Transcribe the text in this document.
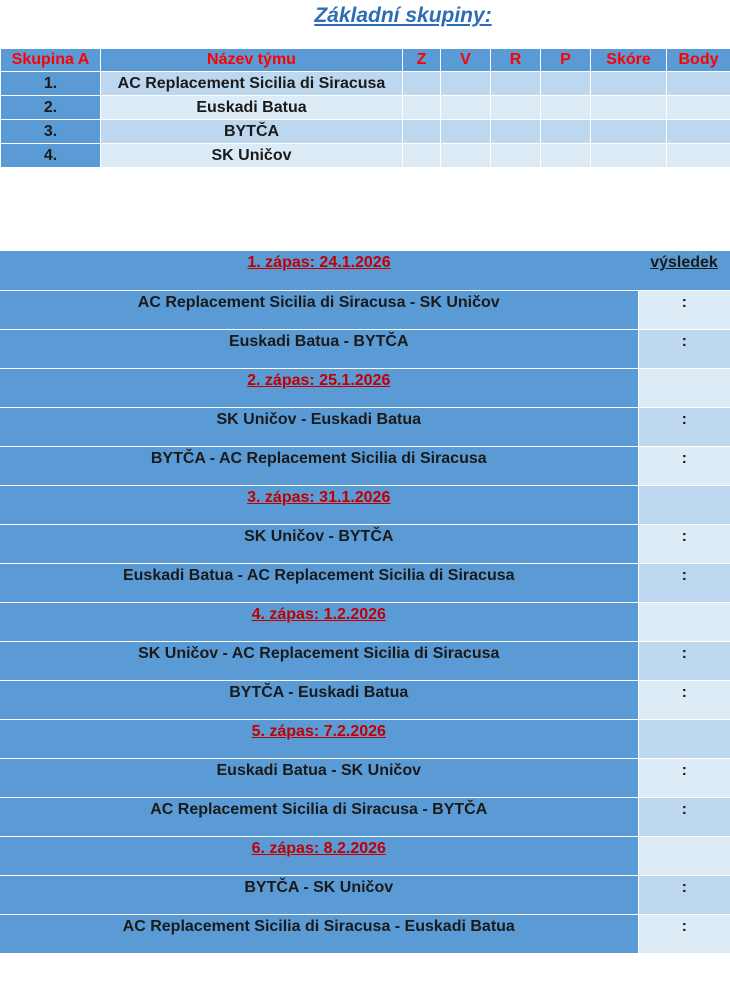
Základní skupiny:
Skupina A	Název týmu	Z	V	R	P	Skóre	Body
1.	AC Replacement Sicilia di Siracusa						
2.	Euskadi Batua						
3.	BYTČA						
4.	SK Uničov						
1. zápas: 24.1.2026	výsledek
AC Replacement Sicilia di Siracusa - SK Uničov	:
Euskadi Batua - BYTČA	:
2. zápas: 25.1.2026	
SK Uničov - Euskadi Batua	:
BYTČA - AC Replacement Sicilia di Siracusa	:
3. zápas: 31.1.2026	
SK Uničov - BYTČA	:
Euskadi Batua - AC Replacement Sicilia di Siracusa	:
4. zápas: 1.2.2026	
SK Uničov - AC Replacement Sicilia di Siracusa	:
BYTČA - Euskadi Batua	:
5. zápas: 7.2.2026	
Euskadi Batua - SK Uničov	:
AC Replacement Sicilia di Siracusa - BYTČA	:
6. zápas: 8.2.2026	
BYTČA - SK Uničov	:
AC Replacement Sicilia di Siracusa - Euskadi Batua	:
